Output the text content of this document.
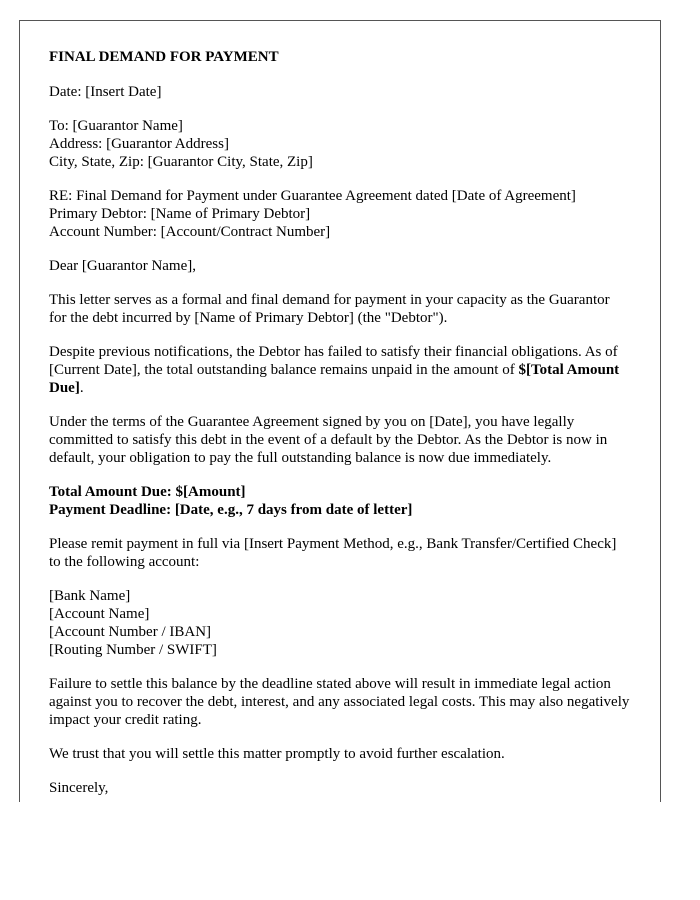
FINAL DEMAND FOR PAYMENT
Date: [Insert Date]
To: [Guarantor Name]
Address: [Guarantor Address]
City, State, Zip: [Guarantor City, State, Zip]
RE: Final Demand for Payment under Guarantee Agreement dated [Date of Agreement]
Primary Debtor: [Name of Primary Debtor]
Account Number: [Account/Contract Number]
Dear [Guarantor Name],
This letter serves as a formal and final demand for payment in your capacity as the Guarantor for the debt incurred by [Name of Primary Debtor] (the "Debtor").
Despite previous notifications, the Debtor has failed to satisfy their financial obligations. As of [Current Date], the total outstanding balance remains unpaid in the amount of $[Total Amount Due].
Under the terms of the Guarantee Agreement signed by you on [Date], you have legally committed to satisfy this debt in the event of a default by the Debtor. As the Debtor is now in default, your obligation to pay the full outstanding balance is now due immediately.
Total Amount Due: $[Amount]
Payment Deadline: [Date, e.g., 7 days from date of letter]
Please remit payment in full via [Insert Payment Method, e.g., Bank Transfer/Certified Check] to the following account:
[Bank Name]
[Account Name]
[Account Number / IBAN]
[Routing Number / SWIFT]
Failure to settle this balance by the deadline stated above will result in immediate legal action against you to recover the debt, interest, and any associated legal costs. This may also negatively impact your credit rating.
We trust that you will settle this matter promptly to avoid further escalation.
Sincerely,
